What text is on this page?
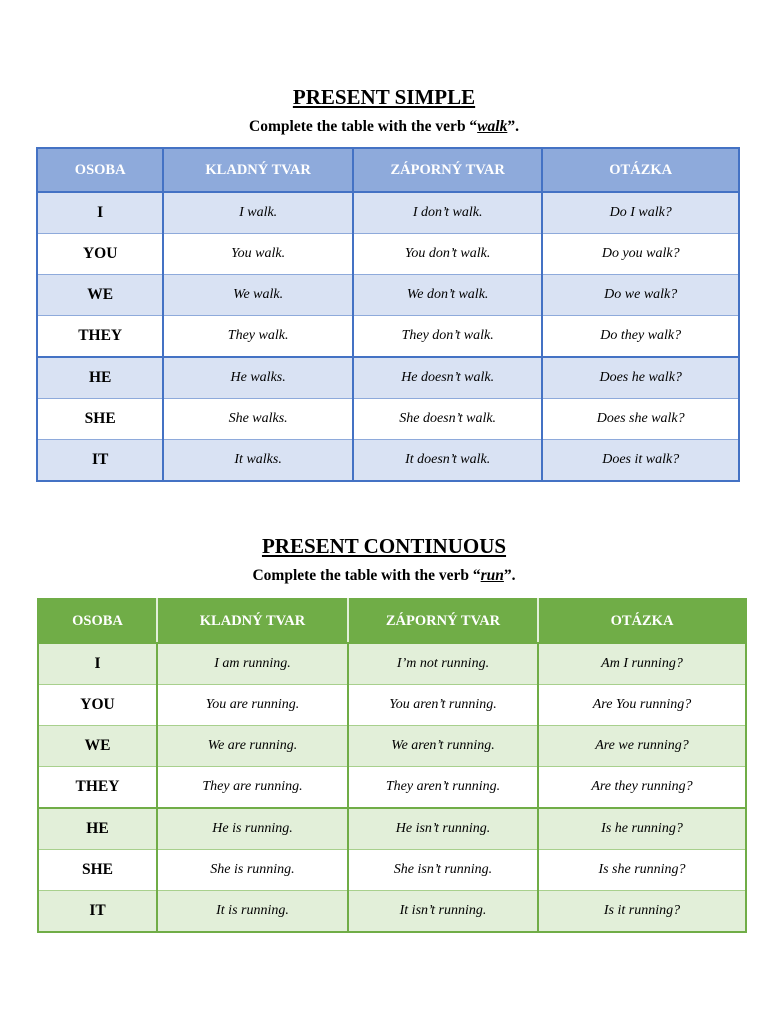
PRESENT SIMPLE
Complete the table with the verb “walk”.
OSOBA	KLADNÝ TVAR	ZÁPORNÝ TVAR	OTÁZKA
I	I walk.	I don’t walk.	Do I walk?
YOU	You walk.	You don’t walk.	Do you walk?
WE	We walk.	We don’t walk.	Do we walk?
THEY	They walk.	They don’t walk.	Do they walk?
HE	He walks.	He doesn’t walk.	Does he walk?
SHE	She walks.	She doesn’t walk.	Does she walk?
IT	It walks.	It doesn’t walk.	Does it walk?
PRESENT CONTINUOUS
Complete the table with the verb “run”.
OSOBA	KLADNÝ TVAR	ZÁPORNÝ TVAR	OTÁZKA
I	I am running.	I’m not running.	Am I running?
YOU	You are running.	You aren’t running.	Are You running?
WE	We are running.	We aren’t running.	Are we running?
THEY	They are running.	They aren’t running.	Are they running?
HE	He is running.	He isn’t running.	Is he running?
SHE	She is running.	She isn’t running.	Is she running?
IT	It is running.	It isn’t running.	Is it running?
